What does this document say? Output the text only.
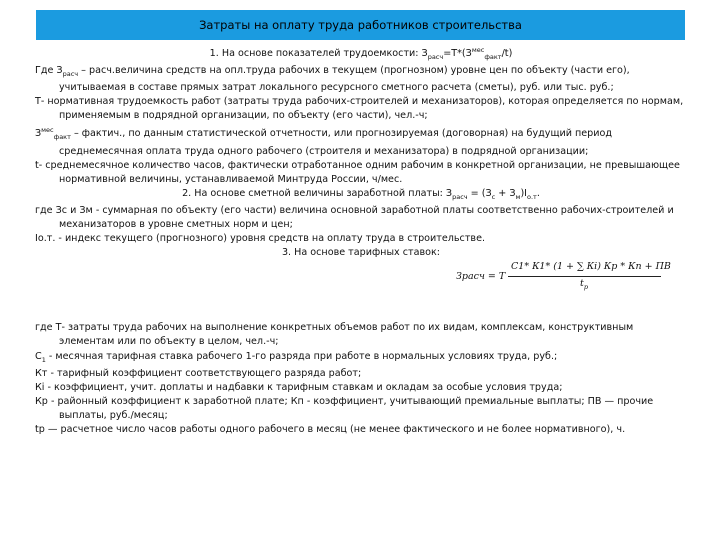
Затраты на оплату труда работников строительства

1. На основе показателей трудоемкости: $З_{расч}=Т*(З^{мес}_{факт}/t)$

Где $З_{расч}$ – расч.величина средств на опл.труда рабочих в текущем (прогнозном) уровне цен по объекту (части его), учитываемая в составе прямых затрат локального ресурсного сметного расчета (сметы), руб. или тыс. руб.;

Т- нормативная трудоемкость работ (затраты труда рабочих-строителей и механизаторов), которая определяется по нормам, применяемым в подрядной организации, по объекту (его части), чел.-ч;

$З^{мес}_{факт}$ – фактич., по данным статистической отчетности, или прогнозируемая (договорная) на будущий период среднемесячная оплата труда одного рабочего (строителя и механизатора) в подрядной организации;

t- среднемесячное количество часов, фактически отработанное одним рабочим в конкретной организации, не превышающее нормативной величины, устанавливаемой Минтруда России, ч/мес.

2. На основе сметной величины заработной платы: $З_{расч} = (З_с + З_м)I_{о.т}$.

где Зс и Зм - суммарная по объекту (его части) величина основной заработной платы соответственно рабочих-строителей и механизаторов в уровне сметных норм и цен;

Iо.т. - индекс текущего (прогнозного) уровня средств на оплату труда в строительстве.

3. На основе тарифных ставок:

где Т- затраты труда рабочих на выполнение конкретных объемов работ по их видам, комплексам, конструктивным элементам или по объекту в целом, чел.-ч;

$С_1$ - месячная тарифная ставка рабочего 1-го разряда при работе в нормальных условиях труда, руб.;

Кт - тарифный коэффициент соответствующего разряда работ;

Кі - коэффициент, учит. доплаты и надбавки к тарифным ставкам и окладам за особые условия труда;

Кр - районный коэффициент к заработной плате; Кп - коэффициент, учитывающий премиальные выплаты; ПВ — прочие выплаты, руб./месяц;

tр — расчетное число часов работы одного рабочего в месяц (не менее фактического и не более нормативного), ч.

Зрасч = Т
С1* К1* (1 + ∑ Кі) Кр * Кп + ПВ
$t_р$
